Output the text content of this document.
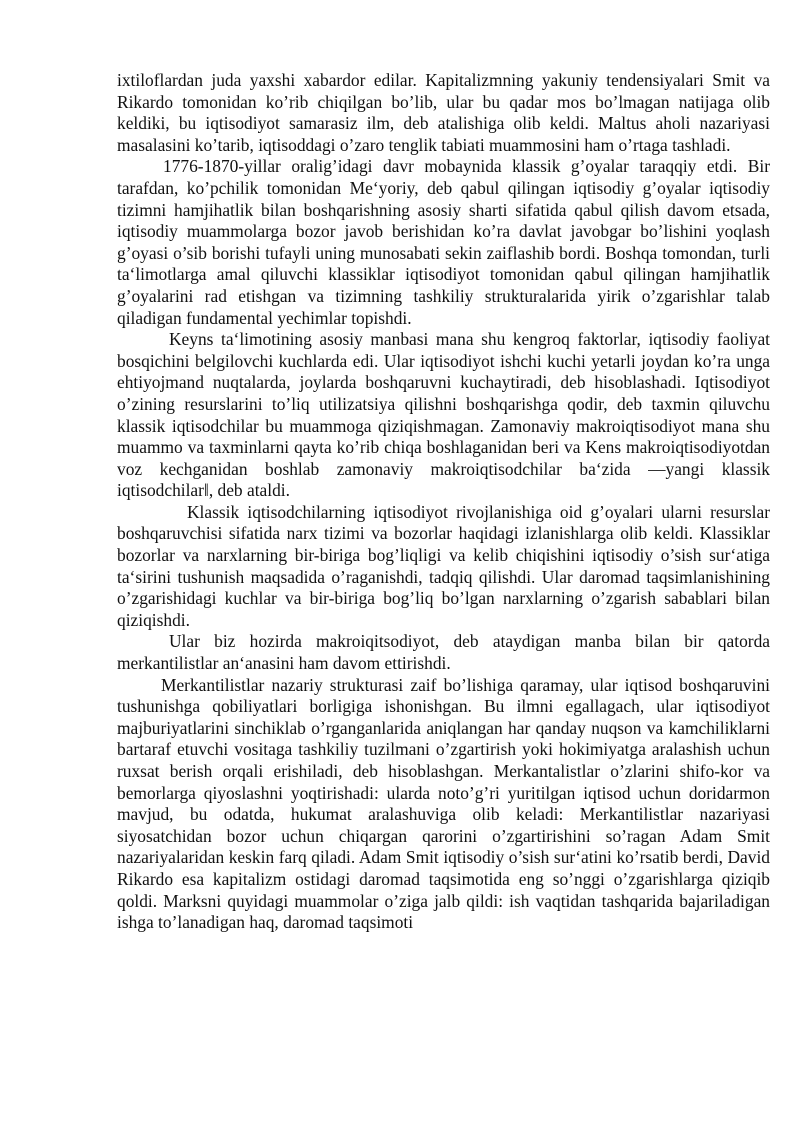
ixtiloflardan juda yaxshi xabardor edilar. Kapitalizmning yakuniy tendensiyalari Smit va Rikardo tomonidan ko’rib chiqilgan bo’lib, ular bu qadar mos bo’lmagan natijaga olib keldiki, bu iqtisodiyot samarasiz ilm, deb atalishiga olib keldi. Maltus aholi nazariyasi masalasini ko’tarib, iqtisoddagi o’zaro tenglik tabiati muammosini ham o’rtaga tashladi.

1776-1870-yillar oralig’idagi davr mobaynida klassik g’oyalar taraqqiy etdi. Bir tarafdan, ko’pchilik tomonidan Me‘yoriy, deb qabul qilingan iqtisodiy g’oyalar iqtisodiy tizimni hamjihatlik bilan boshqarishning asosiy sharti sifatida qabul qilish davom etsada, iqtisodiy muammolarga bozor javob berishidan ko’ra davlat javobgar bo’lishini yoqlash g’oyasi o’sib borishi tufayli uning munosabati sekin zaiflashib bordi. Boshqa tomondan, turli ta‘limotlarga amal qiluvchi klassiklar iqtisodiyot tomonidan qabul qilingan hamjihatlik g’oyalarini rad etishgan va tizimning tashkiliy strukturalarida yirik o’zgarishlar talab qiladigan fundamental yechimlar topishdi.

Keyns ta‘limotining asosiy manbasi mana shu kengroq faktorlar, iqtisodiy faoliyat bosqichini belgilovchi kuchlarda edi. Ular iqtisodiyot ishchi kuchi yetarli joydan ko’ra unga ehtiyojmand nuqtalarda, joylarda boshqaruvni kuchaytiradi, deb hisoblashadi. Iqtisodiyot o’zining resurslarini to’liq utilizatsiya qilishni boshqarishga qodir, deb taxmin qiluvchu klassik iqtisodchilar bu muammoga qiziqishmagan. Zamonaviy makroiqtisodiyot mana shu muammo va taxminlarni qayta ko’rib chiqa boshlaganidan beri va Kens makroiqtisodiyotdan voz kechganidan boshlab zamonaviy makroiqtisodchilar ba‘zida ―yangi klassik iqtisodchilar‖, deb ataldi.

Klassik iqtisodchilarning iqtisodiyot rivojlanishiga oid g’oyalari ularni resurslar boshqaruvchisi sifatida narx tizimi va bozorlar haqidagi izlanishlarga olib keldi. Klassiklar bozorlar va narxlarning bir-biriga bog’liqligi va kelib chiqishini iqtisodiy o’sish sur‘atiga ta‘sirini tushunish maqsadida o’raganishdi, tadqiq qilishdi. Ular daromad taqsimlanishining o’zgarishidagi kuchlar va bir-biriga bog’liq bo’lgan narxlarning o’zgarish sabablari bilan qiziqishdi.

Ular biz hozirda makroiqitsodiyot, deb ataydigan manba bilan bir qatorda merkantilistlar an‘anasini ham davom ettirishdi.

Merkantilistlar nazariy strukturasi zaif bo’lishiga qaramay, ular iqtisod boshqaruvini tushunishga qobiliyatlari borligiga ishonishgan. Bu ilmni egallagach, ular iqtisodiyot majburiyatlarini sinchiklab o’rganganlarida aniqlangan har qanday nuqson va kamchiliklarni bartaraf etuvchi vositaga tashkiliy tuzilmani o’zgartirish yoki hokimiyatga aralashish uchun ruxsat berish orqali erishiladi, deb hisoblashgan. Merkantalistlar o’zlarini shifo-kor va bemorlarga qiyoslashni yoqtirishadi: ularda noto’g’ri yuritilgan iqtisod uchun doridarmon mavjud, bu odatda, hukumat aralashuviga olib keladi: Merkantilistlar nazariyasi siyosatchidan bozor uchun chiqargan qarorini o’zgartirishini so’ragan Adam Smit nazariyalaridan keskin farq qiladi. Adam Smit iqtisodiy o’sish sur‘atini ko’rsatib berdi, David Rikardo esa kapitalizm ostidagi daromad taqsimotida eng so’nggi o’zgarishlarga qiziqib qoldi. Marksni quyidagi muammolar o’ziga jalb qildi: ish vaqtidan tashqarida bajariladigan ishga to’lanadigan haq, daromad taqsimoti
